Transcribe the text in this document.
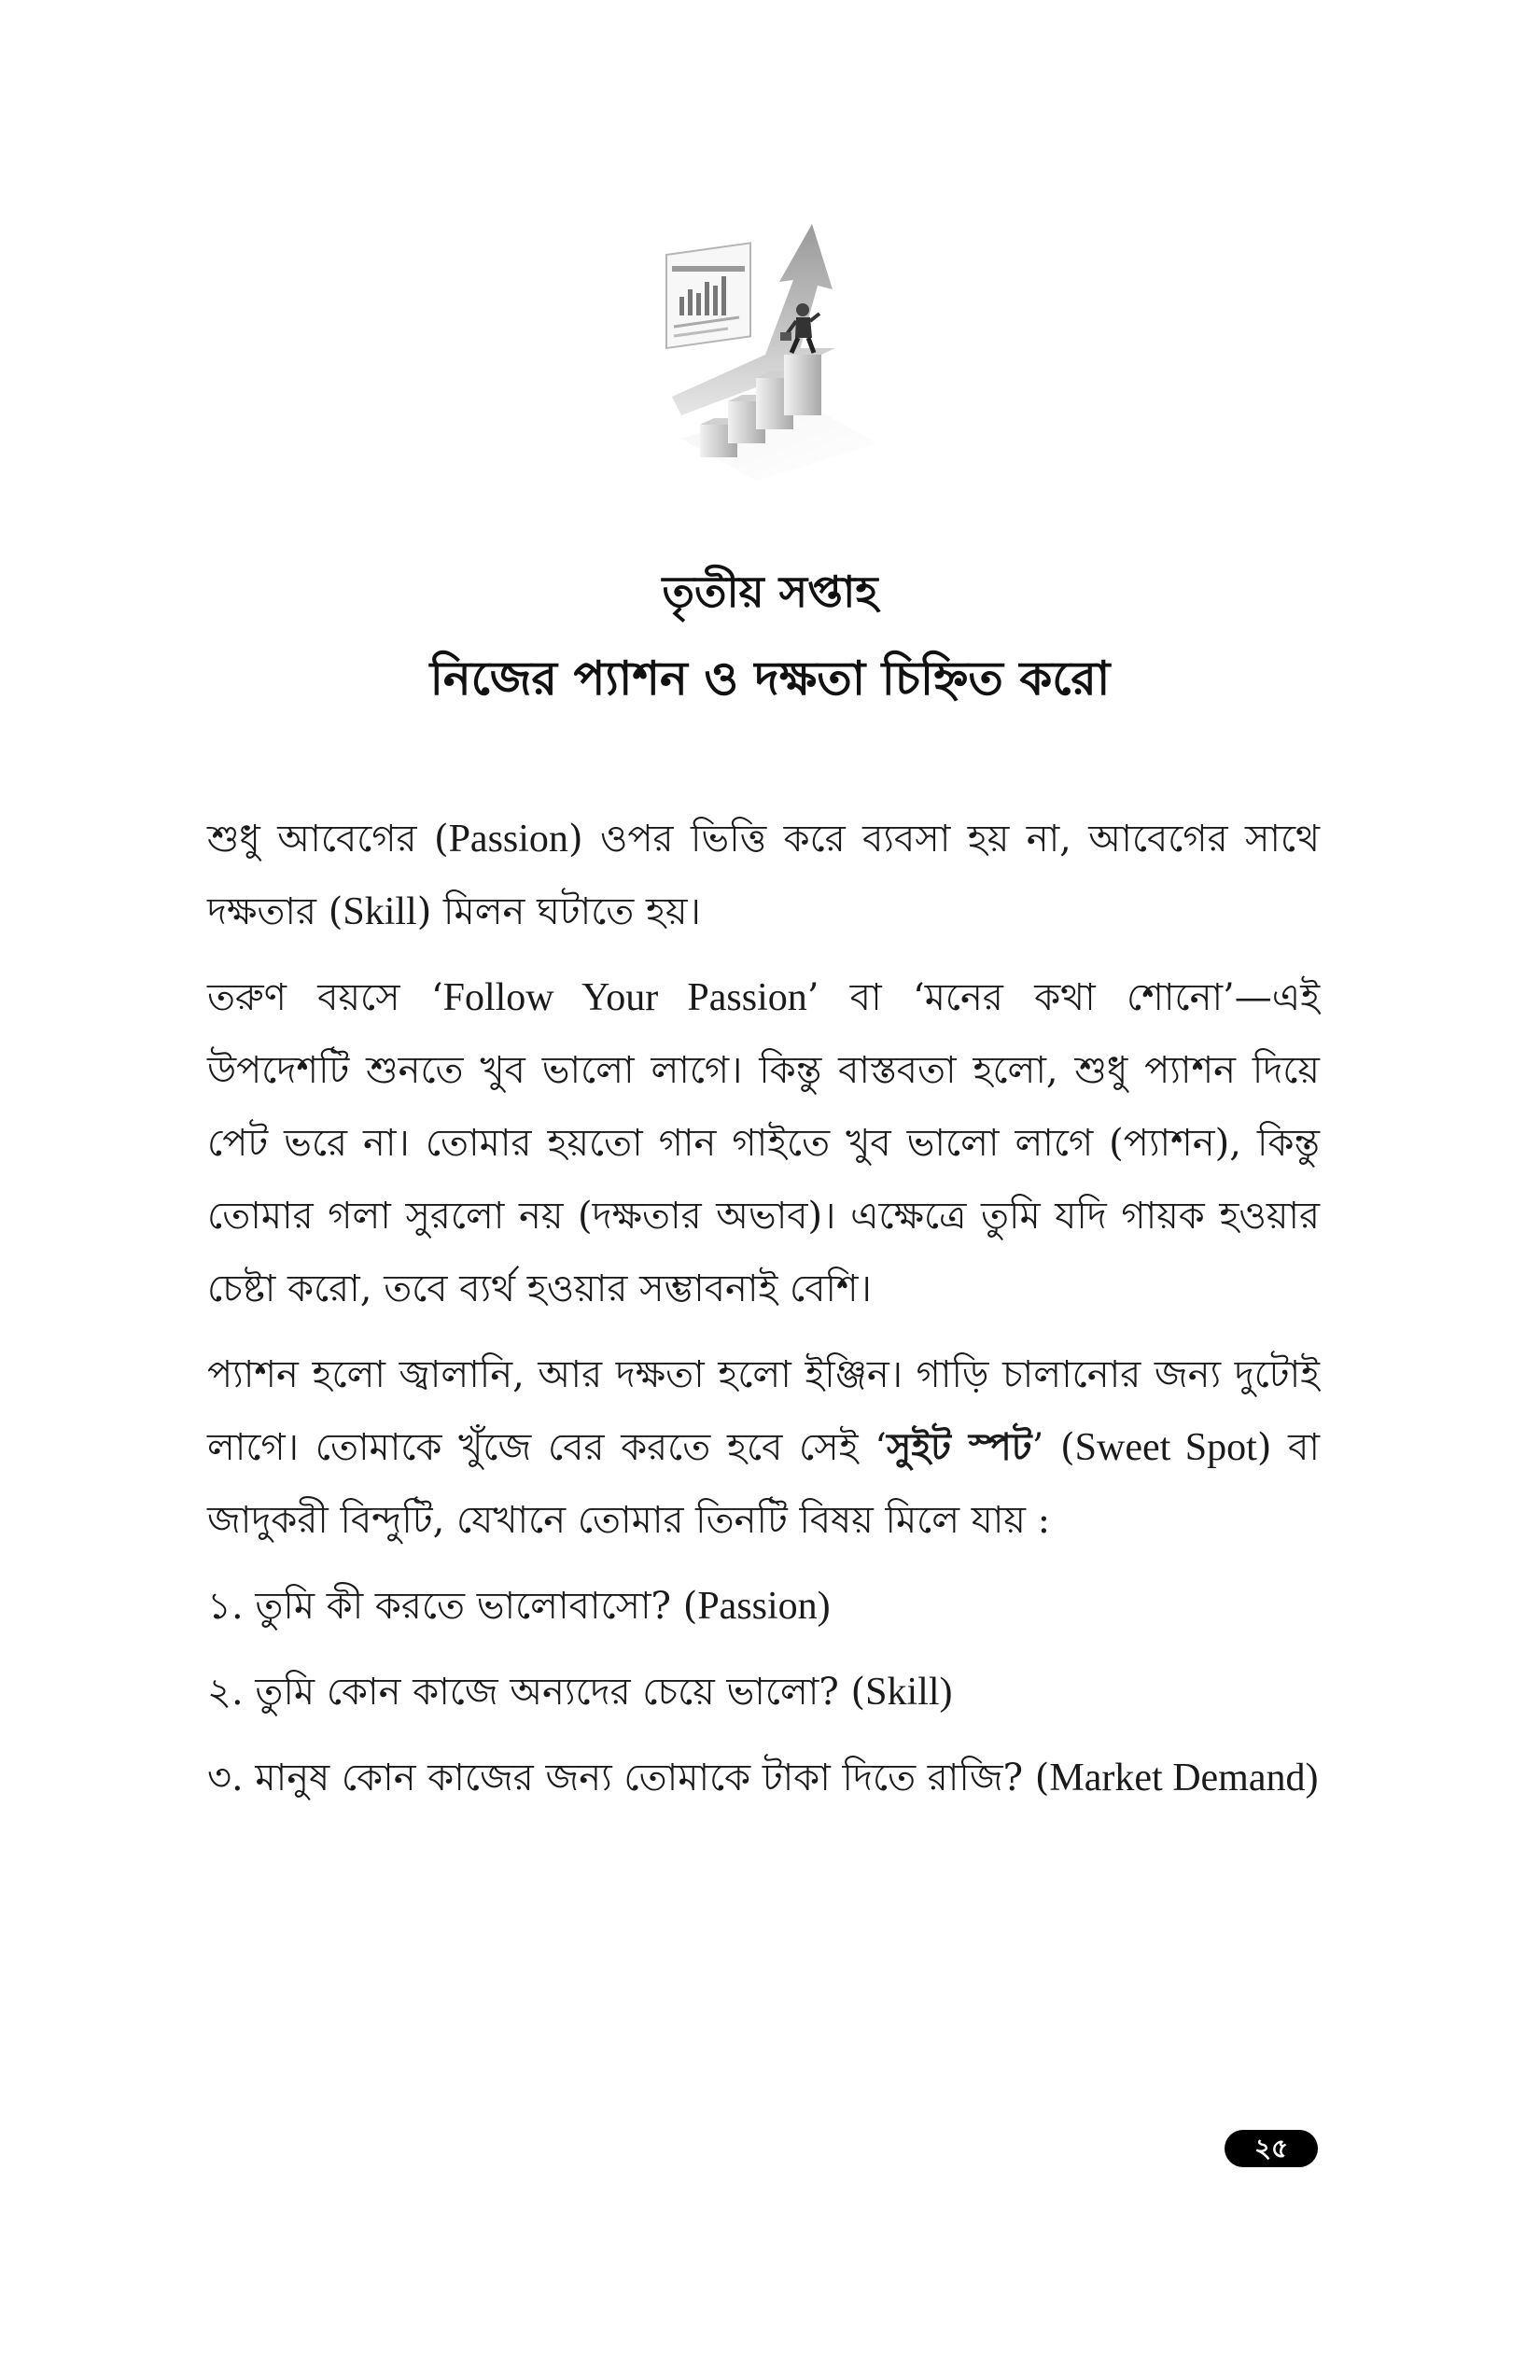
তৃতীয় সপ্তাহ
নিজের প্যাশন ও দক্ষতা চিহ্নিত করো

শুধু আবেগের (Passion) ওপর ভিত্তি করে ব্যবসা হয় না, আবেগের সাথে দক্ষতার (Skill) মিলন ঘটাতে হয়।

তরুণ বয়সে ‘Follow Your Passion’ বা ‘মনের কথা শোনো’—এই উপদেশটি শুনতে খুব ভালো লাগে। কিন্তু বাস্তবতা হলো, শুধু প্যাশন দিয়ে পেট ভরে না। তোমার হয়তো গান গাইতে খুব ভালো লাগে (প্যাশন), কিন্তু তোমার গলা সুরলো নয় (দক্ষতার অভাব)। এক্ষেত্রে তুমি যদি গায়ক হওয়ার চেষ্টা করো, তবে ব্যর্থ হওয়ার সম্ভাবনাই বেশি।

প্যাশন হলো জ্বালানি, আর দক্ষতা হলো ইঞ্জিন। গাড়ি চালানোর জন্য দুটোই লাগে। তোমাকে খুঁজে বের করতে হবে সেই ‘সুইট স্পট’ (Sweet Spot) বা জাদুকরী বিন্দুটি, যেখানে তোমার তিনটি বিষয় মিলে যায় :

১. তুমি কী করতে ভালোবাসো? (Passion)

২. তুমি কোন কাজে অন্যদের চেয়ে ভালো? (Skill)

৩. মানুষ কোন কাজের জন্য তোমাকে টাকা দিতে রাজি? (Market Demand)

২৫
